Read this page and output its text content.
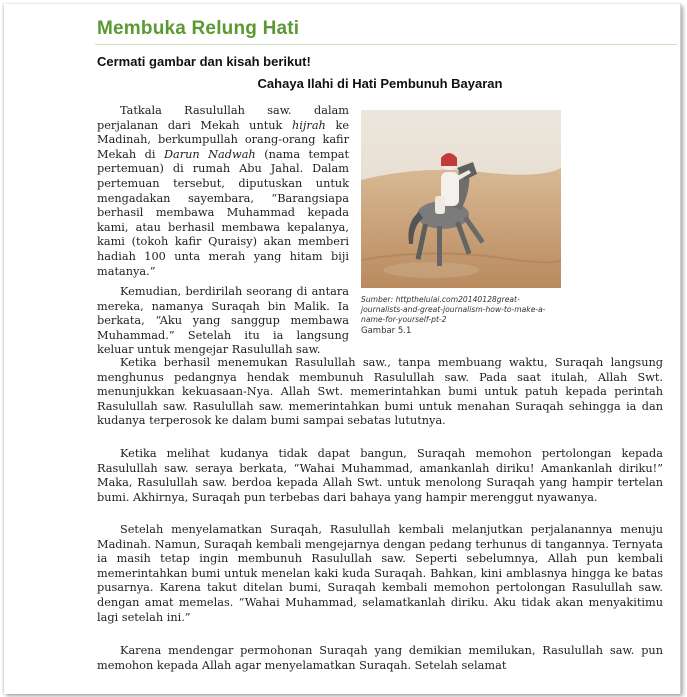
Membuka Relung Hati

Cermati gambar dan kisah berikut!

Cahaya Ilahi di Hati Pembunuh Bayaran

Tatkala Rasulullah saw. dalam perjalanan dari Mekah untuk hijrah ke Madinah, berkumpullah orang-orang kafir Mekah di Darun Nadwah (nama tempat pertemuan) di rumah Abu Jahal. Dalam pertemuan tersebut, diputuskan untuk mengadakan sayembara, “Barangsiapa berhasil membawa Muhammad kepada kami, atau berhasil membawa kepalanya, kami (tokoh kafir Quraisy) akan memberi hadiah 100 unta merah yang hitam biji matanya.”

Kemudian, berdirilah seorang di antara mereka, namanya Suraqah bin Malik. Ia berkata, “Aku yang sanggup membawa Muhammad.” Setelah itu ia langsung keluar untuk mengejar Rasulullah saw.

Sumber: httpthelulai.com20140128great-journalists-and-great-journalism-how-to-make-a-name-for-yourself-pt-2

Gambar 5.1

Ketika berhasil menemukan Rasulullah saw., tanpa membuang waktu, Suraqah langsung menghunus pedangnya hendak membunuh Rasulullah saw. Pada saat itulah, Allah Swt. menunjukkan kekuasaan-Nya. Allah Swt. memerintahkan bumi untuk patuh kepada perintah Rasulullah saw. Rasulullah saw. memerintahkan bumi untuk menahan Suraqah sehingga ia dan kudanya terperosok ke dalam bumi sampai sebatas lututnya.

Ketika melihat kudanya tidak dapat bangun, Suraqah memohon pertolongan kepada Rasulullah saw. seraya berkata, “Wahai Muhammad, amankanlah diriku! Amankanlah diriku!” Maka, Rasulullah saw. berdoa kepada Allah Swt. untuk menolong Suraqah yang hampir tertelan bumi. Akhirnya, Suraqah pun terbebas dari bahaya yang hampir merenggut nyawanya.

Setelah menyelamatkan Suraqah, Rasulullah kembali melanjutkan perjalanannya menuju Madinah. Namun, Suraqah kembali mengejarnya dengan pedang terhunus di tangannya. Ternyata ia masih tetap ingin membunuh Rasulullah saw. Seperti sebelumnya, Allah pun kembali memerintahkan bumi untuk menelan kaki kuda Suraqah. Bahkan, kini amblasnya hingga ke batas pusarnya. Karena takut ditelan bumi, Suraqah kembali memohon pertolongan Rasulullah saw. dengan amat memelas. “Wahai Muhammad, selamatkanlah diriku. Aku tidak akan menyakitimu lagi setelah ini.”

Karena mendengar permohonan Suraqah yang demikian memilukan, Rasulullah saw. pun memohon kepada Allah agar menyelamatkan Suraqah. Setelah selamat
